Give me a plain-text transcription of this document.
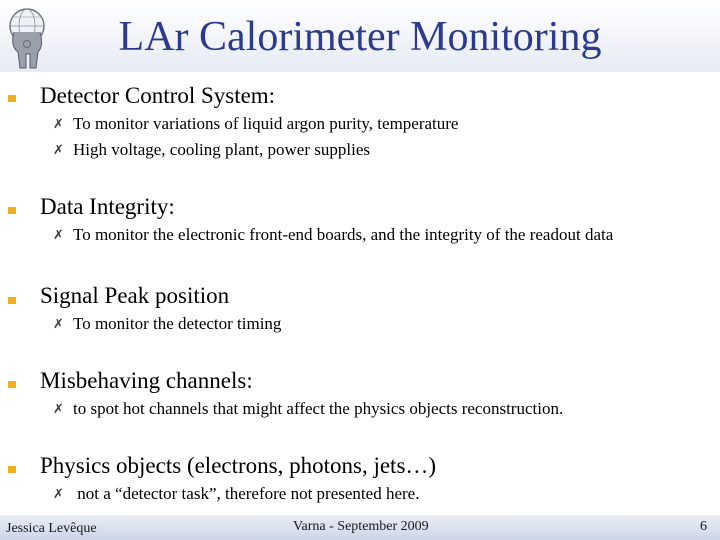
LAr Calorimeter Monitoring
Detector Control System:
✗ To monitor variations of liquid argon purity, temperature
✗ High voltage, cooling plant, power supplies
Data Integrity:
✗ To monitor the electronic front-end boards, and the integrity of the readout data
Signal Peak position
✗ To monitor the detector timing
Misbehaving channels:
✗ to spot hot channels that might affect the physics objects reconstruction.
Physics objects (electrons, photons, jets…)
✗ not a “detector task”, therefore not presented here.
Jessica Levêque	Varna - September 2009	6
